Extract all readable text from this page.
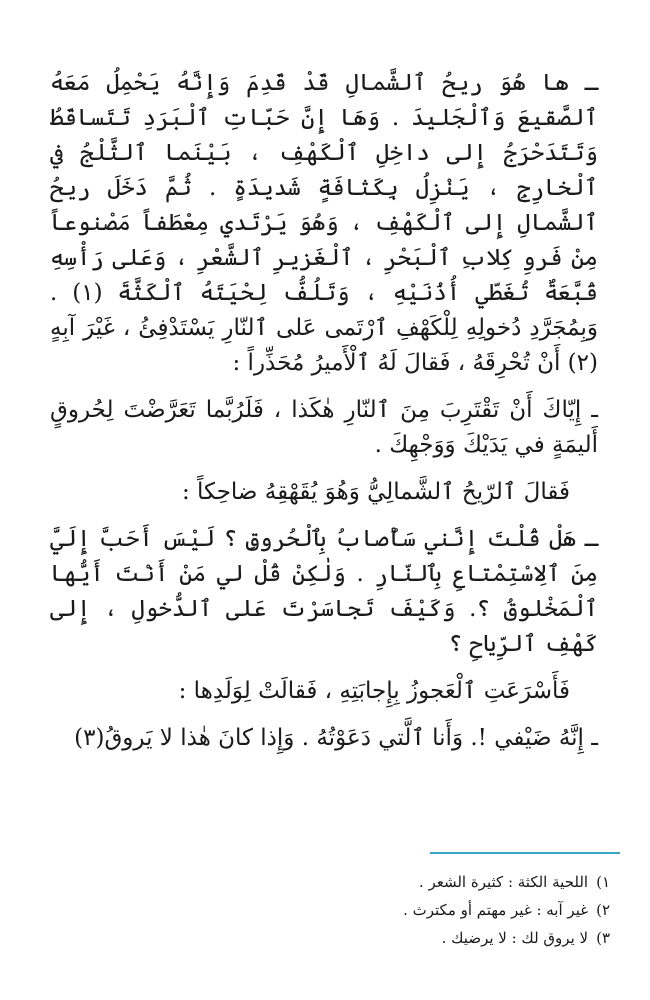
ـ ها هُوَ ريحُ ٱلشَّمالِ قَدْ قَدِمَ وَإِنَّهُ يَحْمِلُ مَعَهُ ٱلصَّقيعَ وَٱلْجَليدَ . وَهَا إِنَّ حَبّاتِ ٱلْبَرَدِ تَتَساقَطُ وَتَتَدَحْرَجُ إِلى داخِلِ ٱلْكَهْفِ ، بَيْنَما ٱلثَّلْجُ في ٱلْخارِجِ ، يَنْزِلُ بِكَثافَةٍ شَديدَةٍ . ثُمَّ دَخَلَ ريحُ ٱلشَّمالِ إِلى ٱلْكَهْفِ ، وَهُوَ يَرْتَدي مِعْطَفاً مَصْنوعاً مِنْ فَروِ كِلابِ ٱلْبَحْرِ ، ٱلْغَزيرِ ٱلشَّعْرِ ، وَعَلى رَأْسِهِ قُبَّعَةٌ تُغَطّي أُذُنَيْهِ ، وَتَلُفُّ لِحْيَتَهُ ٱلْكَثَّةَ (١) . وَبِمُجَرَّدِ دُخولِهِ لِلْكَهْفِ ٱرْتَمى عَلى ٱلنّارِ يَسْتَدْفِئُ ، غَيْرَ آبِهٍ (٢) أَنْ تُحْرِقَهُ ، فَقالَ لَهُ ٱلْأَميرُ مُحَذِّراً :

ـ إِيّاكَ أَنْ تَقْتَرِبَ مِنَ ٱلنّارِ هٰكَذا ، فَلَرُبَّما تَعَرَّضْتَ لِحُروقٍ أَليمَةٍ في يَدَيْكَ وَوَجْهِكَ .

فَقالَ ٱلرّيحُ ٱلشَّمالِيُّ وَهُوَ يُقَهْقِهُ ضاحِكاً :

ـ هَلْ قُلْتَ إِنَّني سَأُصابُ بِٱلْحُروقِ ؟ لَيْسَ أَحَبَّ إِلَيَّ مِنَ ٱلِاسْتِمْتاعِ بِٱلنّارِ . وَلٰكِنْ قُلْ لي مَنْ أَنْتَ أَيُّها ٱلْمَخْلوقُ ؟. وَكَيْفَ تَجاسَرْتَ عَلى ٱلدُّخولِ ، إِلى كَهْفِ ٱلرِّياحِ ؟

فَأَسْرَعَتِ ٱلْعَجوزُ بِإِجابَتِهِ ، فَقالَتْ لِوَلَدِها :

ـ إِنَّهُ ضَيْفي !. وَأَنا ٱلَّتي دَعَوْتُهُ . وَإِذا كانَ هٰذا لا يَروقُ(٣)

١)اللحية الكثة : كثيرة الشعر .

٢)غير آبه : غير مهتم أو مكترث .

٣)لا يروق لك : لا يرضيك .
